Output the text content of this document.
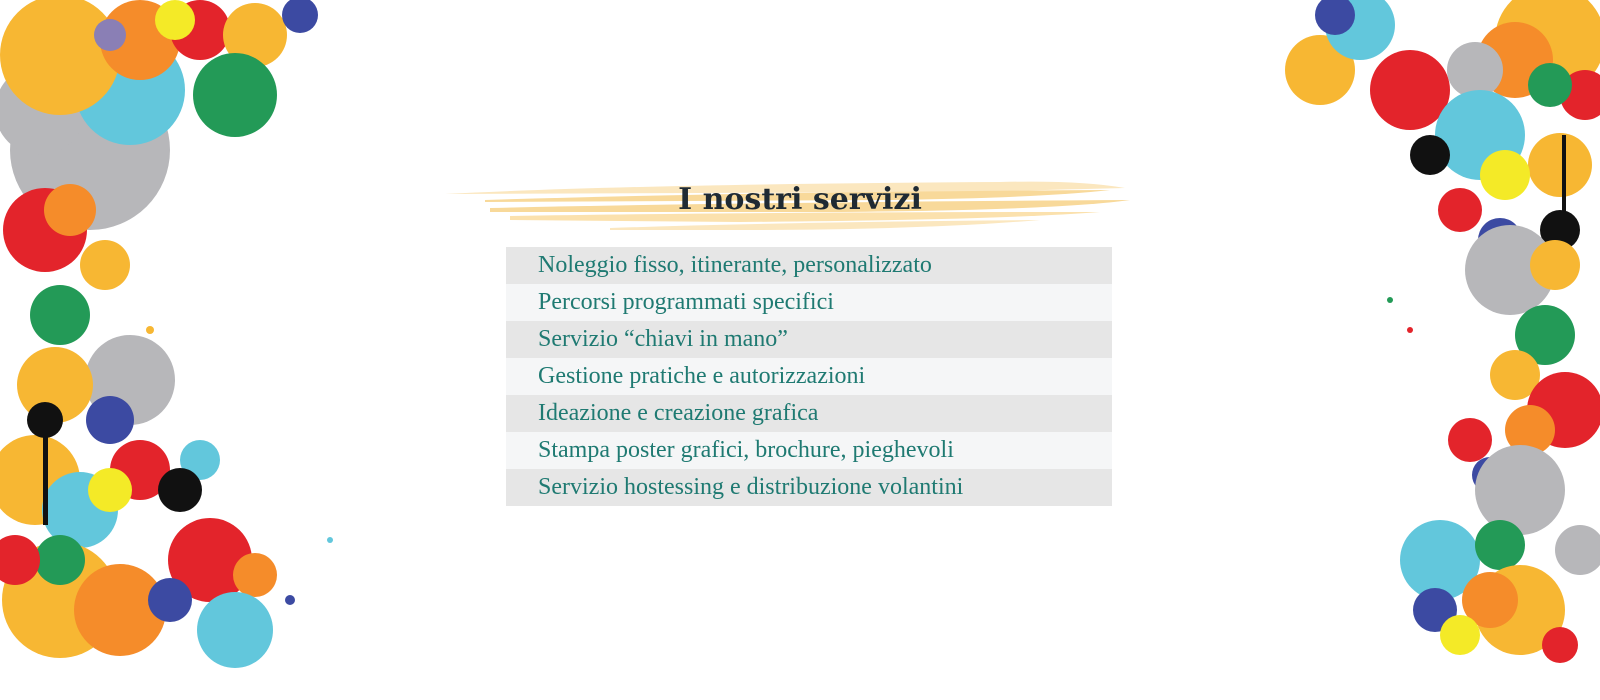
I nostri servizi
Noleggio fisso, itinerante, personalizzato
Percorsi programmati specifici
Servizio “chiavi in mano”
Gestione pratiche e autorizzazioni
Ideazione e creazione grafica
Stampa poster grafici, brochure, pieghevoli
Servizio hostessing e distribuzione volantini
